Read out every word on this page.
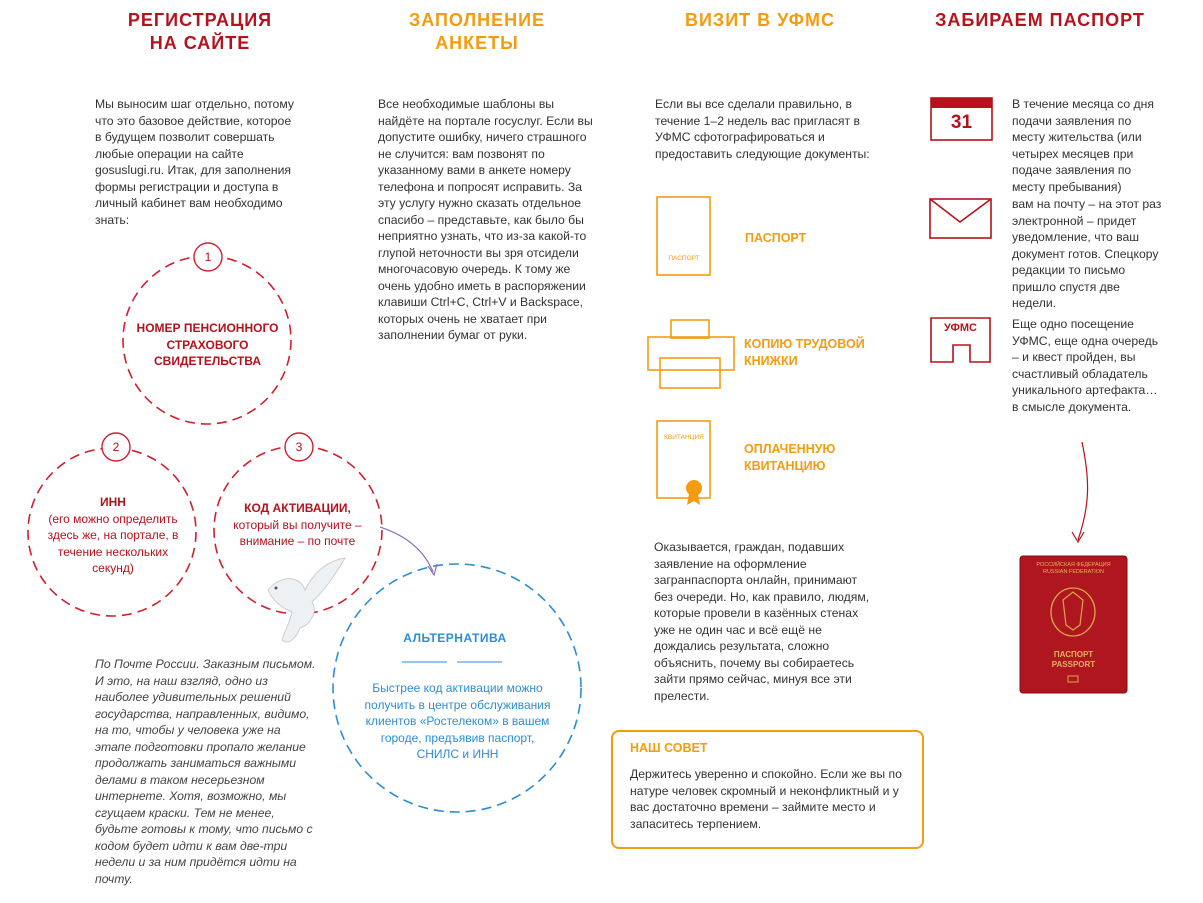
РЕГИСТРАЦИЯ
НА САЙТЕ
ЗАПОЛНЕНИЕ
АНКЕТЫ
ВИЗИТ В УФМС	ЗАБИРАЕМ ПАСПОРТ
Мы выносим шаг отдельно, потому что это базовое действие, которое в будущем позволит совершать любые операции на сайте gosuslugi.ru. Итак, для заполнения формы регистрации и доступа в личный кабинет вам необходимо знать:
1
2	3
НОМЕР ПЕНСИОННОГО СТРАХОВОГО СВИДЕТЕЛЬСТВА
ИНН
(его можно определить здесь же, на портале, в течение нескольких секунд)
КОД АКТИВАЦИИ,
который вы получите – внимание – по почте
АЛЬТЕРНАТИВА
Быстрее код активации можно получить в центре обслуживания клиентов «Ростелеком» в вашем городе, предъявив паспорт, СНИЛС и ИНН
По Почте России. Заказным письмом. И это, на наш взгляд, одно из наиболее удивительных решений государства, направленных, видимо, на то, чтобы у человека уже на этапе подготовки пропало желание продолжать заниматься важными делами в таком несерьезном интернете. Хотя, возможно, мы сгущаем краски. Тем не менее, будьте готовы к тому, что письмо с кодом будет идти к вам две-три недели и за ним придётся идти на почту.
Все необходимые шаблоны вы найдёте на портале госуслуг. Если вы допустите ошибку, ничего страшного не случится: вам позвонят по указанному вами в анкете номеру телефона и попросят исправить. За эту услугу нужно сказать отдельное спасибо – представьте, как было бы неприятно узнать, что из-за какой-то глупой неточности вы зря отсидели многочасовую очередь. К тому же очень удобно иметь в распоряжении клавиши Ctrl+C, Ctrl+V и Backspace, которых очень не хватает при заполнении бумаг от руки.
Если вы все сделали правильно, в течение 1–2 недель вас пригласят в УФМС сфотографироваться и предоставить следующие документы:
ПАСПОРТ
ПАСПОРТ
КОПИЮ ТРУДОВОЙ КНИЖКИ
КВИТАНЦИЯ
ОПЛАЧЕННУЮ КВИТАНЦИЮ
Оказывается, граждан, подавших заявление на оформление загранпаспорта онлайн, принимают без очереди. Но, как правило, людям, которые провели в казённых стенах уже не один час и всё ещё не дождались результата, сложно объяснить, почему вы собираетесь зайти прямо сейчас, минуя все эти прелести.
НАШ СОВЕТ
Держитесь уверенно и спокойно. Если же вы по натуре человек скромный и неконфликтный и у вас достаточно времени – займите место и запаситесь терпением.
31
В течение месяца со дня подачи заявления по месту жительства (или четырех месяцев при подаче заявления по месту пребывания)
вам на почту – на этот раз электронной – придет уведомление, что ваш документ готов. Спецкору редакции то письмо пришло спустя две недели.
УФМС	Еще одно посещение УФМС, еще одна очередь – и квест пройден, вы счастливый обладатель уникального артефакта… в смысле документа.
РОССИЙСКАЯ ФЕДЕРАЦИЯ
RUSSIAN FEDERATION
ПАСПОРТ
PASSPORT
